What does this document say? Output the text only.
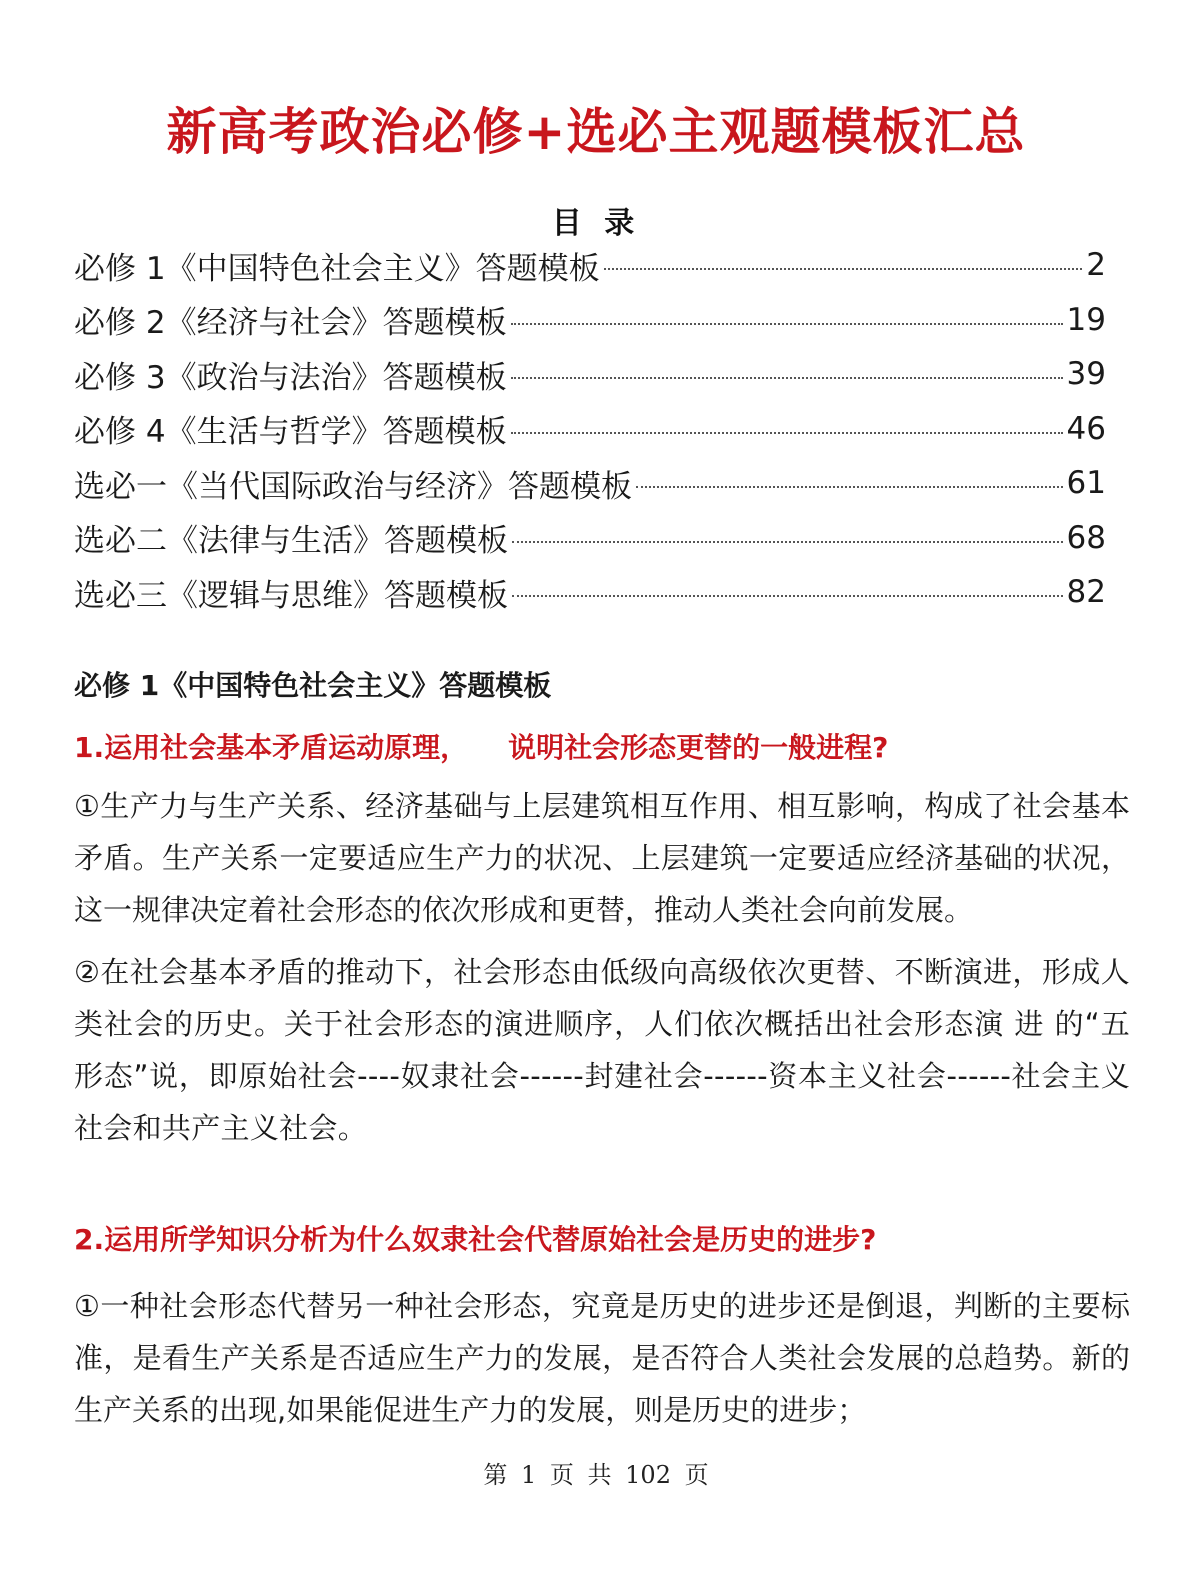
新高考政治必修+选必主观题模板汇总
目 录
必修 1《中国特色社会主义》答题模板	2
必修 2《经济与社会》答题模板	19
必修 3《政治与法治》答题模板	39
必修 4《生活与哲学》答题模板	46
选必一《当代国际政治与经济》答题模板	61
选必二《法律与生活》答题模板	68
选必三《逻辑与思维》答题模板	82
必修 1《中国特色社会主义》答题模板

1.运用社会基本矛盾运动原理， 说明社会形态更替的一般进程?

①生产力与生产关系、经济基础与上层建筑相互作用、相互影响，构成了社会基本矛盾。生产关系一定要适应生产力的状况、上层建筑一定要适应经济基础的状况， 这一规律决定着社会形态的依次形成和更替，推动人类社会向前发展。

②在社会基本矛盾的推动下，社会形态由低级向高级依次更替、不断演进，形成人类社会的历史。关于社会形态的演进顺序，人们依次概括出社会形态演 进 的“五形态”说，即原始社会----奴隶社会------封建社会------资本主义社会------社会主义社会和共产主义社会。

2.运用所学知识分析为什么奴隶社会代替原始社会是历史的进步?

①一种社会形态代替另一种社会形态，究竟是历史的进步还是倒退，判断的主要标准，是看生产关系是否适应生产力的发展，是否符合人类社会发展的总趋势。新的生产关系的出现,如果能促进生产力的发展，则是历史的进步；

第 1 页 共 102 页
